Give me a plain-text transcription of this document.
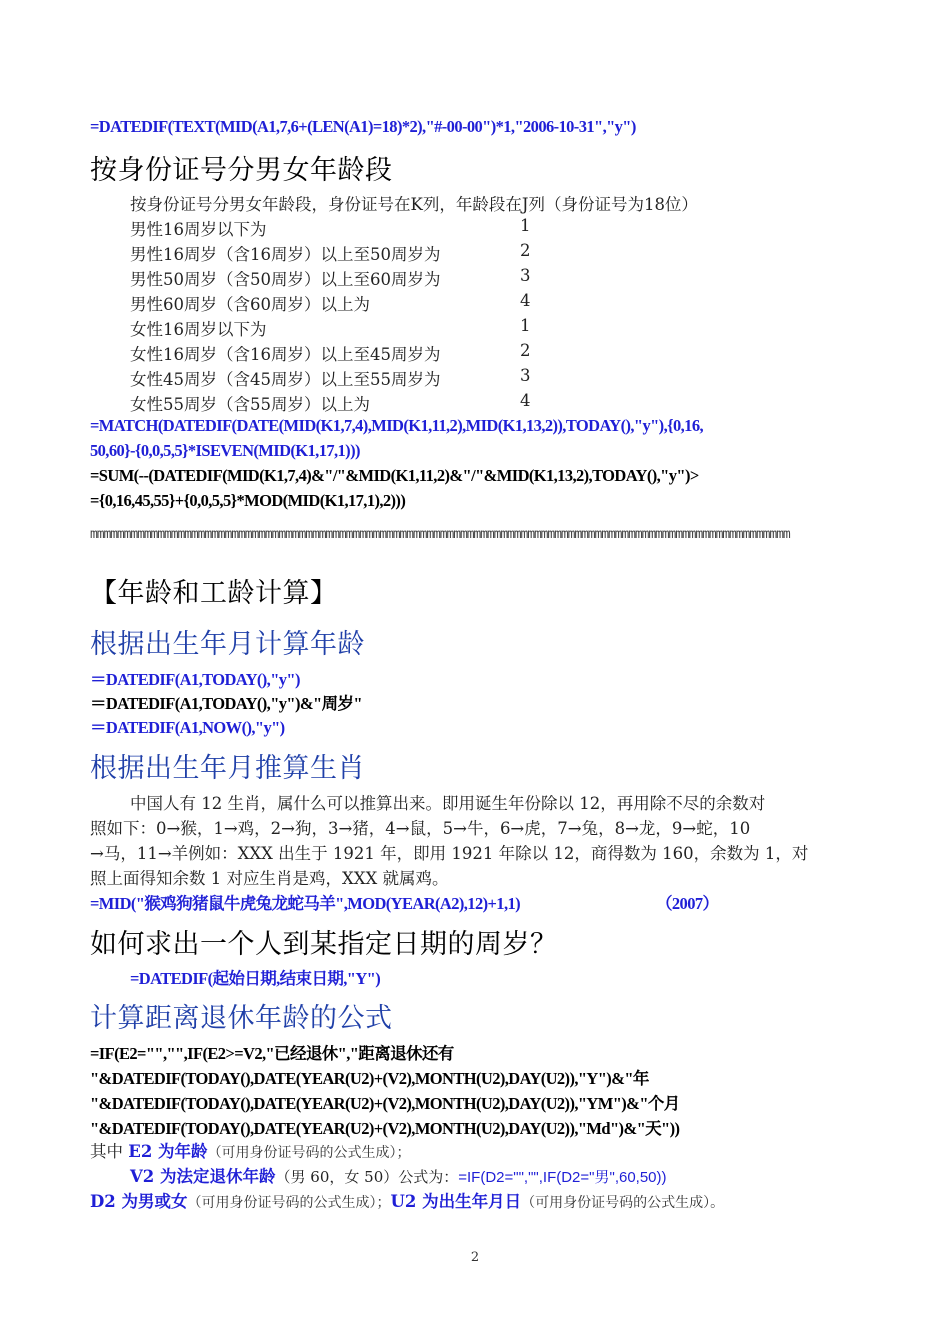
=DATEDIF(TEXT(MID(A1,7,6+(LEN(A1)=18)*2),"#-00-00")*1,"2006-10-31","y")
按身份证号分男女年龄段
按身份证号分男女年龄段，身份证号在K列，年龄段在J列（身份证号为18位）
男性16周岁以下为	1
男性16周岁（含16周岁）以上至50周岁为	2
男性50周岁（含50周岁）以上至60周岁为	3
男性60周岁（含60周岁）以上为	4
女性16周岁以下为	1
女性16周岁（含16周岁）以上至45周岁为	2
女性45周岁（含45周岁）以上至55周岁为	3
女性55周岁（含55周岁）以上为	4
=MATCH(DATEDIF(DATE(MID(K1,7,4),MID(K1,11,2),MID(K1,13,2)),TODAY(),"y"),{0,16,
50,60}-{0,0,5,5}*ISEVEN(MID(K1,17,1)))
=SUM(--(DATEDIF(MID(K1,7,4)&"/"&MID(K1,11,2)&"/"&MID(K1,13,2),TODAY(),"y")>
={0,16,45,55}+{0,0,5,5}*MOD(MID(K1,17,1),2)))
mmmmmmmmmmmmmmmmmmmmmmmmmmmmmmmmmmmmmmmmmmmmmmmmmmmmmmmmmmmmmmmmmmmmmmmmmmmmmmmmmmmmmmmmmmmmmmmmmmmmmmmm
【年龄和工龄计算】
根据出生年月计算年龄
＝DATEDIF(A1,TODAY(),"y")
＝DATEDIF(A1,TODAY(),"y")&"周岁"
＝DATEDIF(A1,NOW(),"y")
根据出生年月推算生肖
中国人有 12 生肖，属什么可以推算出来。即用诞生年份除以 12，再用除不尽的余数对
照如下：0→猴，1→鸡，2→狗，3→猪，4→鼠，5→牛，6→虎，7→兔，8→龙，9→蛇，10
→马，11→羊例如：XXX 出生于 1921 年，即用 1921 年除以 12，商得数为 160，余数为 1，对
照上面得知余数 1 对应生肖是鸡，XXX 就属鸡。
=MID("猴鸡狗猪鼠牛虎兔龙蛇马羊",MOD(YEAR(A2),12)+1,1)	（2007）
如何求出一个人到某指定日期的周岁？
=DATEDIF(起始日期,结束日期,"Y")
计算距离退休年龄的公式
=IF(E2="","",IF(E2>=V2,"已经退休","距离退休还有
"&DATEDIF(TODAY(),DATE(YEAR(U2)+(V2),MONTH(U2),DAY(U2)),"Y")&"年
"&DATEDIF(TODAY(),DATE(YEAR(U2)+(V2),MONTH(U2),DAY(U2)),"YM")&"个月
"&DATEDIF(TODAY(),DATE(YEAR(U2)+(V2),MONTH(U2),DAY(U2)),"Md")&"天"))
其中 E2 为年龄（可用身份证号码的公式生成）；
V2 为法定退休年龄（男 60，女 50）公式为：=IF(D2="","",IF(D2="男",60,50))
D2 为男或女（可用身份证号码的公式生成）；U2 为出生年月日（可用身份证号码的公式生成）。
2
